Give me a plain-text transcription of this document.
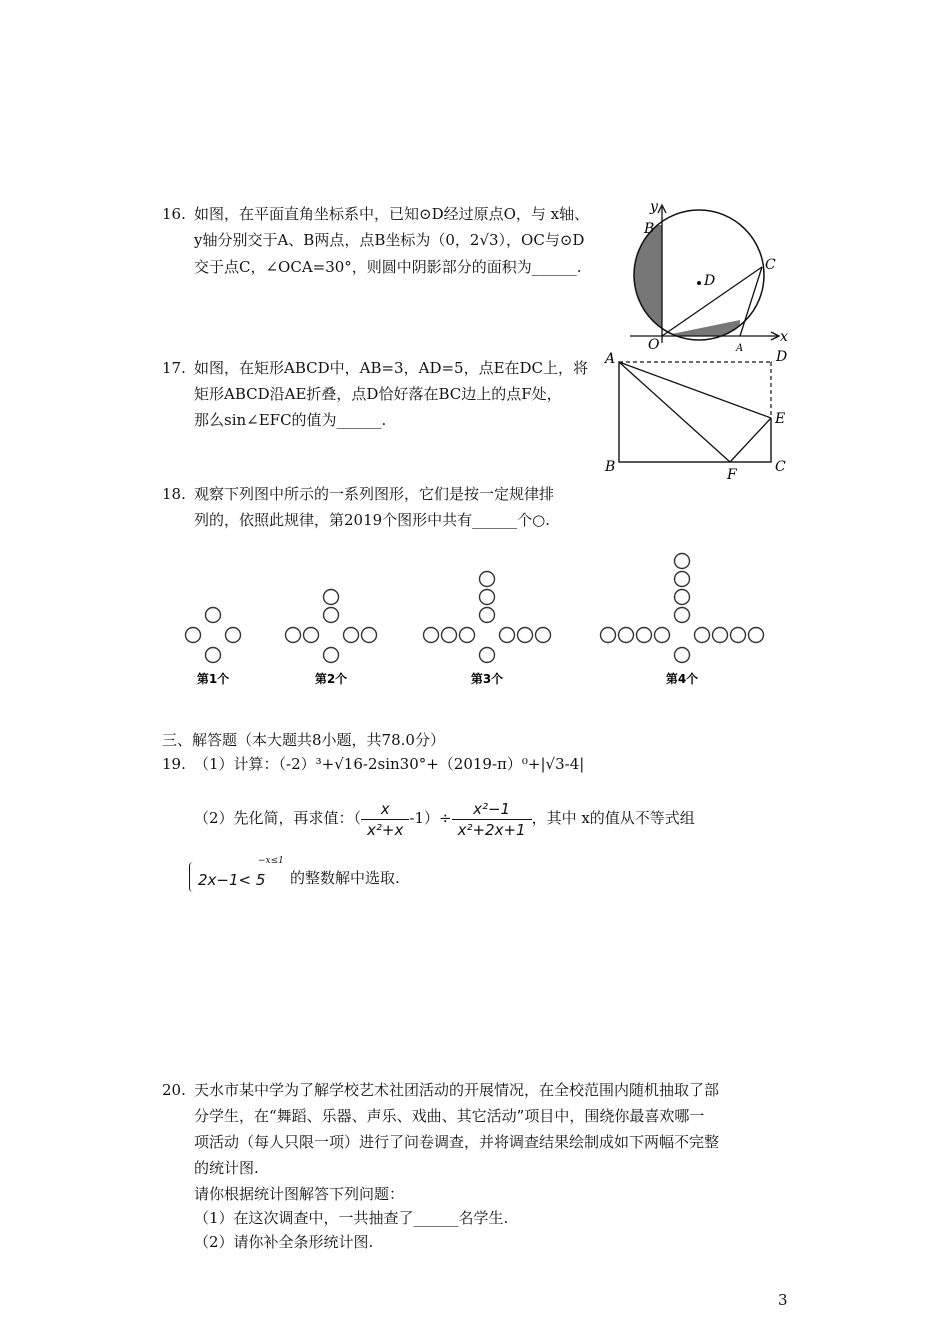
16. 如图，在平面直角坐标系中，已知⊙D经过原点O，与 x轴、
y轴分别交于A、B两点，点B坐标为（0，2√3），OC与⊙D
交于点C，∠OCA=30°，则圆中阴影部分的面积为______.
y
x
B
D
C
O	A
17. 如图，在矩形ABCD中，AB=3，AD=5，点E在DC上，将
矩形ABCD沿AE折叠，点D恰好落在BC边上的点F处，
那么sin∠EFC的值为______.
A	D
E
B	F	C
18. 观察下列图中所示的一系列图形，它们是按一定规律排
列的，依照此规律，第2019个图形中共有______个○.
第1个	第2个	第3个	第4个
三、解答题（本大题共8小题，共78.0分）
19. （1）计算：（-2）³+√16-2sin30°+（2019-π）⁰+|√3-4|
（2）先化简，再求值：（ $\frac{x}{\text{x²+x}} -1)\div \frac{\text{x²−1}}{\text{x²+2x+1}}$ ，其中 x的值从不等式组
−x≤1
2x−1< 5 的整数解中选取.
20. 天水市某中学为了解学校艺术社团活动的开展情况，在全校范围内随机抽取了部
分学生，在“舞蹈、乐器、声乐、戏曲、其它活动”项目中，围绕你最喜欢哪一
项活动（每人只限一项）进行了问卷调查，并将调查结果绘制成如下两幅不完整
的统计图.
请你根据统计图解答下列问题：
（1）在这次调查中，一共抽查了______名学生.
（2）请你补全条形统计图.
3
